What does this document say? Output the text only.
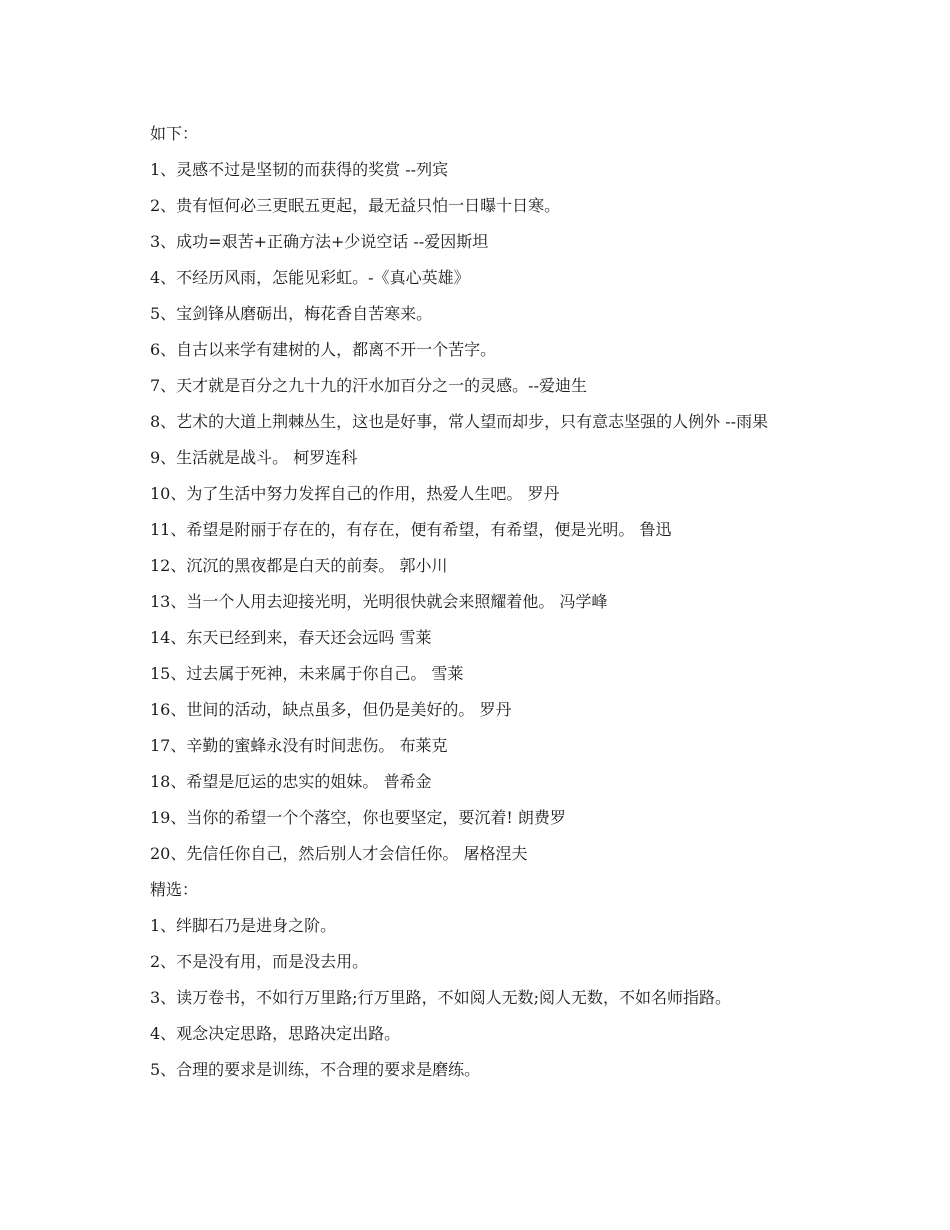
如下：

1、灵感不过是坚韧的而获得的奖赏 --列宾

2、贵有恒何必三更眠五更起，最无益只怕一日曝十日寒。

3、成功=艰苦+正确方法+少说空话 --爱因斯坦

4、不经历风雨，怎能见彩虹。-《真心英雄》

5、宝剑锋从磨砺出，梅花香自苦寒来。

6、自古以来学有建树的人，都离不开一个苦字。

7、天才就是百分之九十九的汗水加百分之一的灵感。--爱迪生

8、艺术的大道上荆棘丛生，这也是好事，常人望而却步，只有意志坚强的人例外 --雨果

9、生活就是战斗。 柯罗连科

10、为了生活中努力发挥自己的作用，热爱人生吧。 罗丹

11、希望是附丽于存在的，有存在，便有希望，有希望，便是光明。 鲁迅

12、沉沉的黑夜都是白天的前奏。 郭小川

13、当一个人用去迎接光明，光明很快就会来照耀着他。 冯学峰

14、东天已经到来，春天还会远吗 雪莱

15、过去属于死神，未来属于你自己。 雪莱

16、世间的活动，缺点虽多，但仍是美好的。 罗丹

17、辛勤的蜜蜂永没有时间悲伤。 布莱克

18、希望是厄运的忠实的姐妹。 普希金

19、当你的希望一个个落空，你也要坚定，要沉着! 朗费罗

20、先信任你自己，然后别人才会信任你。 屠格涅夫

精选：

1、绊脚石乃是进身之阶。

2、不是没有用，而是没去用。

3、读万卷书，不如行万里路;行万里路，不如阅人无数;阅人无数，不如名师指路。

4、观念决定思路，思路决定出路。

5、合理的要求是训练，不合理的要求是磨练。
